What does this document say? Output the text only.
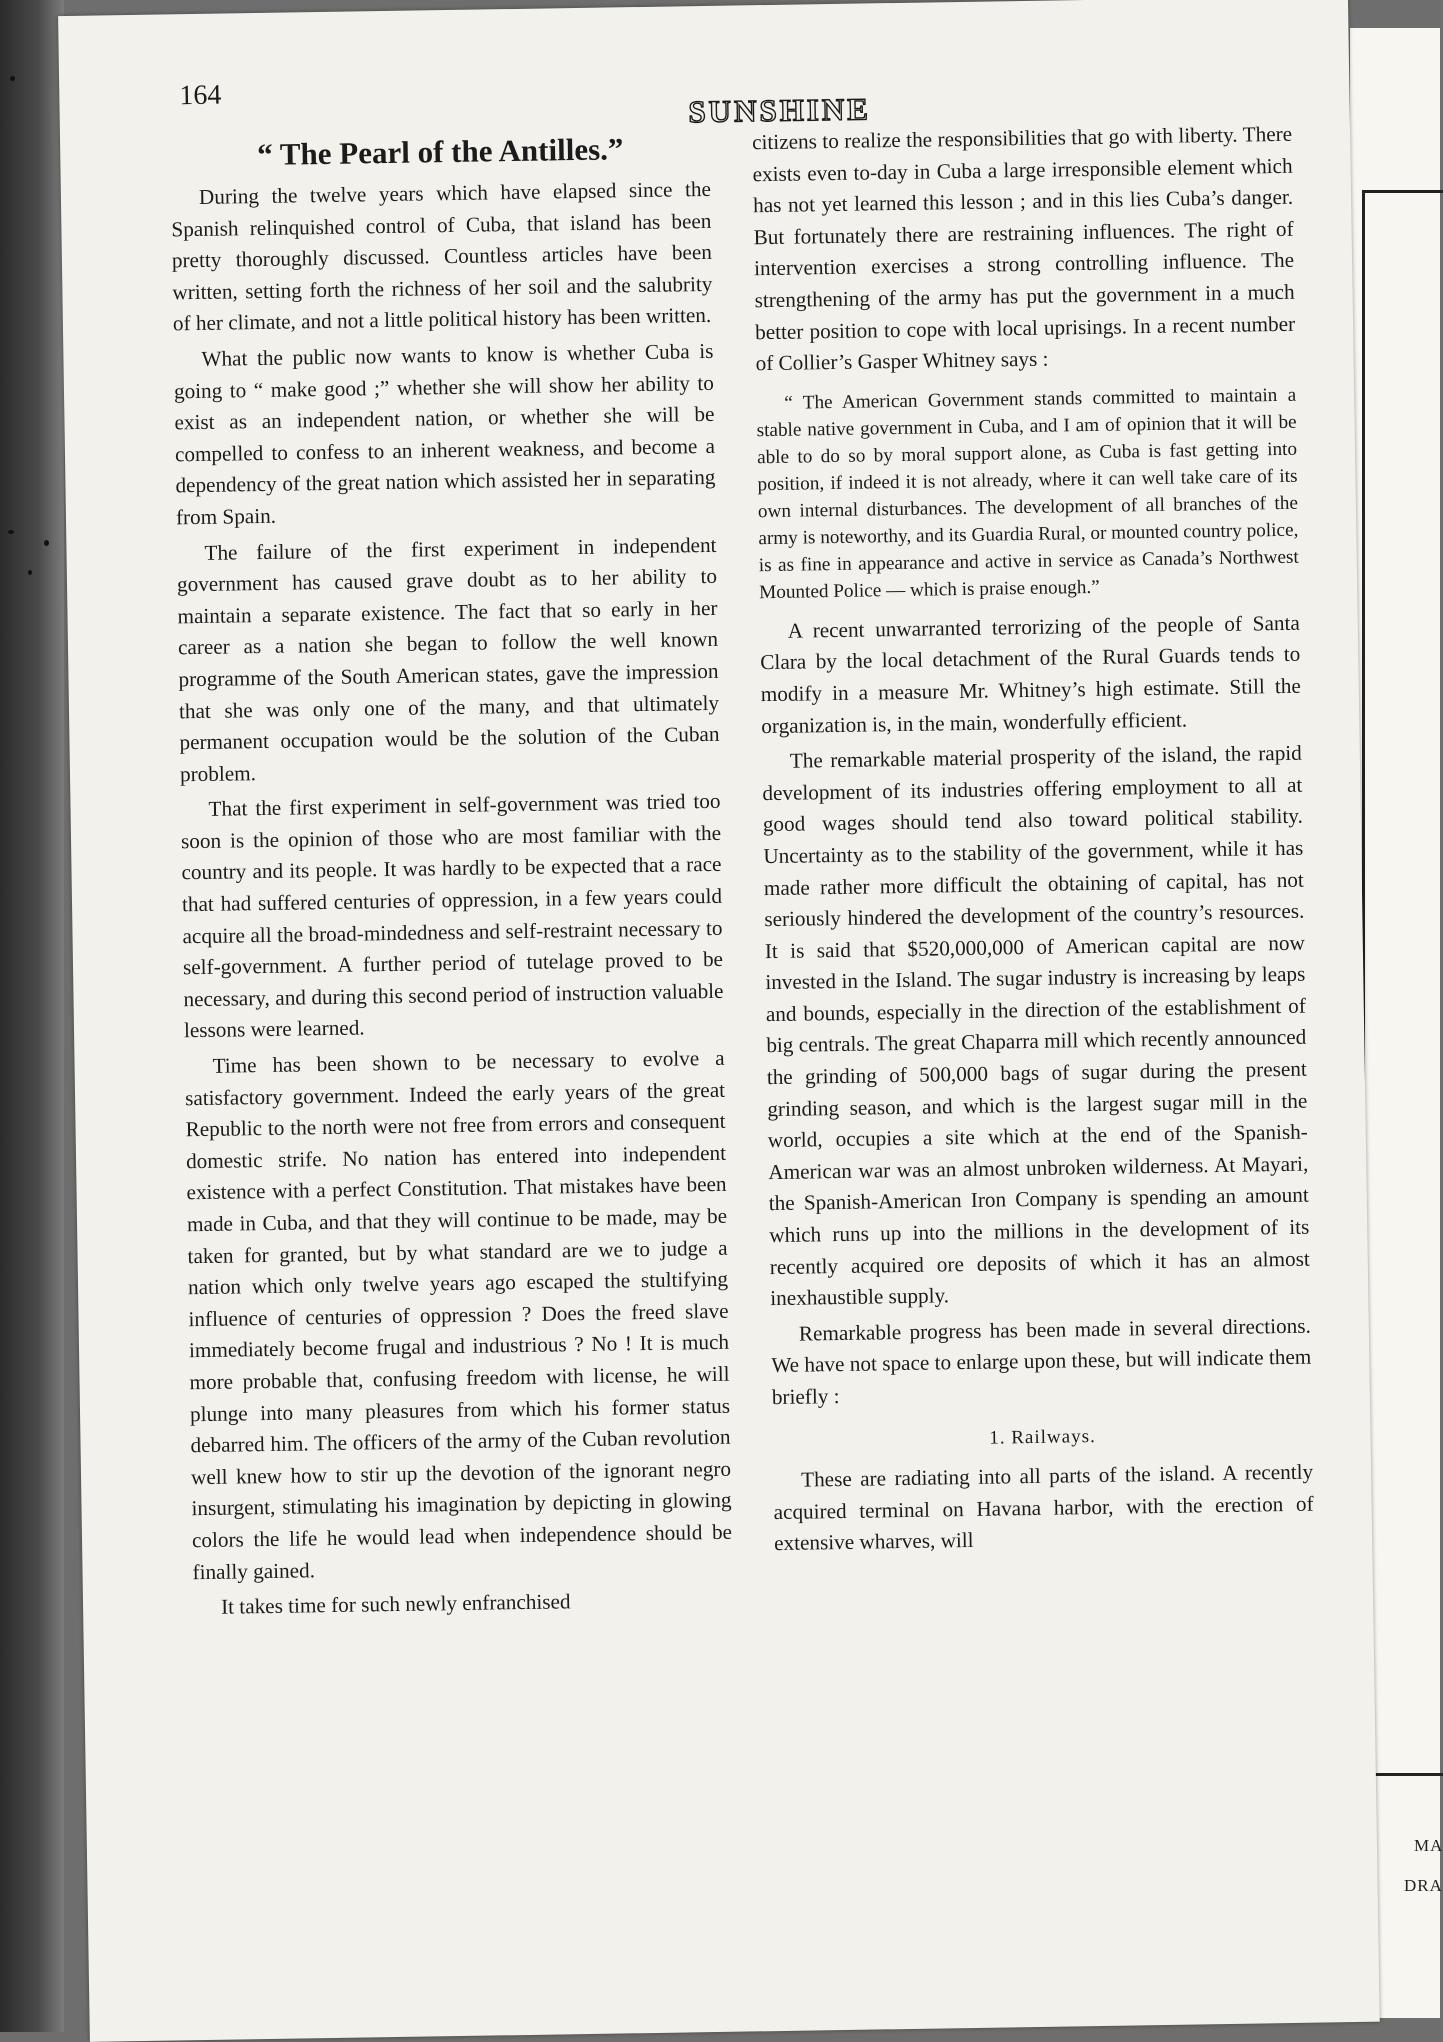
MA
DRA
164	SUNSHINE
“ The Pearl of the Antilles.”

During the twelve years which have elapsed since the Spanish relinquished control of Cuba, that island has been pretty thoroughly discussed. Countless articles have been written, setting forth the richness of her soil and the salubrity of her climate, and not a little political history has been written.

What the public now wants to know is whether Cuba is going to “ make good ;” whether she will show her ability to exist as an independent nation, or whether she will be compelled to confess to an inherent weakness, and become a dependency of the great nation which assisted her in separating from Spain.

The failure of the first experiment in independent government has caused grave doubt as to her ability to maintain a separate existence. The fact that so early in her career as a nation she began to follow the well known programme of the South American states, gave the impression that she was only one of the many, and that ultimately permanent occupation would be the solution of the Cuban problem.

That the first experiment in self-government was tried too soon is the opinion of those who are most familiar with the country and its people. It was hardly to be expected that a race that had suffered centuries of oppression, in a few years could acquire all the broad-mindedness and self-restraint necessary to self-government. A further period of tutelage proved to be necessary, and during this second period of instruction valuable lessons were learned.

Time has been shown to be necessary to evolve a satisfactory government. Indeed the early years of the great Republic to the north were not free from errors and consequent domestic strife. No nation has entered into independent existence with a perfect Constitution. That mistakes have been made in Cuba, and that they will continue to be made, may be taken for granted, but by what standard are we to judge a nation which only twelve years ago escaped the stultifying influence of centuries of oppression ? Does the freed slave immediately become frugal and industrious ? No ! It is much more probable that, confusing freedom with license, he will plunge into many pleasures from which his former status debarred him. The officers of the army of the Cuban revolution well knew how to stir up the devotion of the ignorant negro insurgent, stimulating his imagination by depicting in glowing colors the life he would lead when independence should be finally gained.

It takes time for such newly enfranchised

citizens to realize the responsibilities that go with liberty. There exists even to-day in Cuba a large irresponsible element which has not yet learned this lesson ; and in this lies Cuba’s danger. But fortunately there are restraining influences. The right of intervention exercises a strong controlling influence. The strengthening of the army has put the government in a much better position to cope with local uprisings. In a recent number of Collier’s Gasper Whitney says :

“ The American Government stands committed to maintain a stable native government in Cuba, and I am of opinion that it will be able to do so by moral support alone, as Cuba is fast getting into position, if indeed it is not already, where it can well take care of its own internal disturbances. The development of all branches of the army is noteworthy, and its Guardia Rural, or mounted country police, is as fine in appearance and active in service as Canada’s Northwest Mounted Police — which is praise enough.”

A recent unwarranted terrorizing of the people of Santa Clara by the local detachment of the Rural Guards tends to modify in a measure Mr. Whitney’s high estimate. Still the organization is, in the main, wonderfully efficient.

The remarkable material prosperity of the island, the rapid development of its industries offering employment to all at good wages should tend also toward political stability. Uncertainty as to the stability of the government, while it has made rather more difficult the obtaining of capital, has not seriously hindered the development of the country’s resources. It is said that $520,000,000 of American capital are now invested in the Island. The sugar industry is increasing by leaps and bounds, especially in the direction of the establishment of big centrals. The great Chaparra mill which recently announced the grinding of 500,000 bags of sugar during the present grinding season, and which is the largest sugar mill in the world, occupies a site which at the end of the Spanish-American war was an almost unbroken wilderness. At Mayari, the Spanish-American Iron Company is spending an amount which runs up into the millions in the development of its recently acquired ore deposits of which it has an almost inexhaustible supply.

Remarkable progress has been made in several directions. We have not space to enlarge upon these, but will indicate them briefly :

1. Railways.

These are radiating into all parts of the island. A recently acquired terminal on Havana harbor, with the erection of extensive wharves, will
